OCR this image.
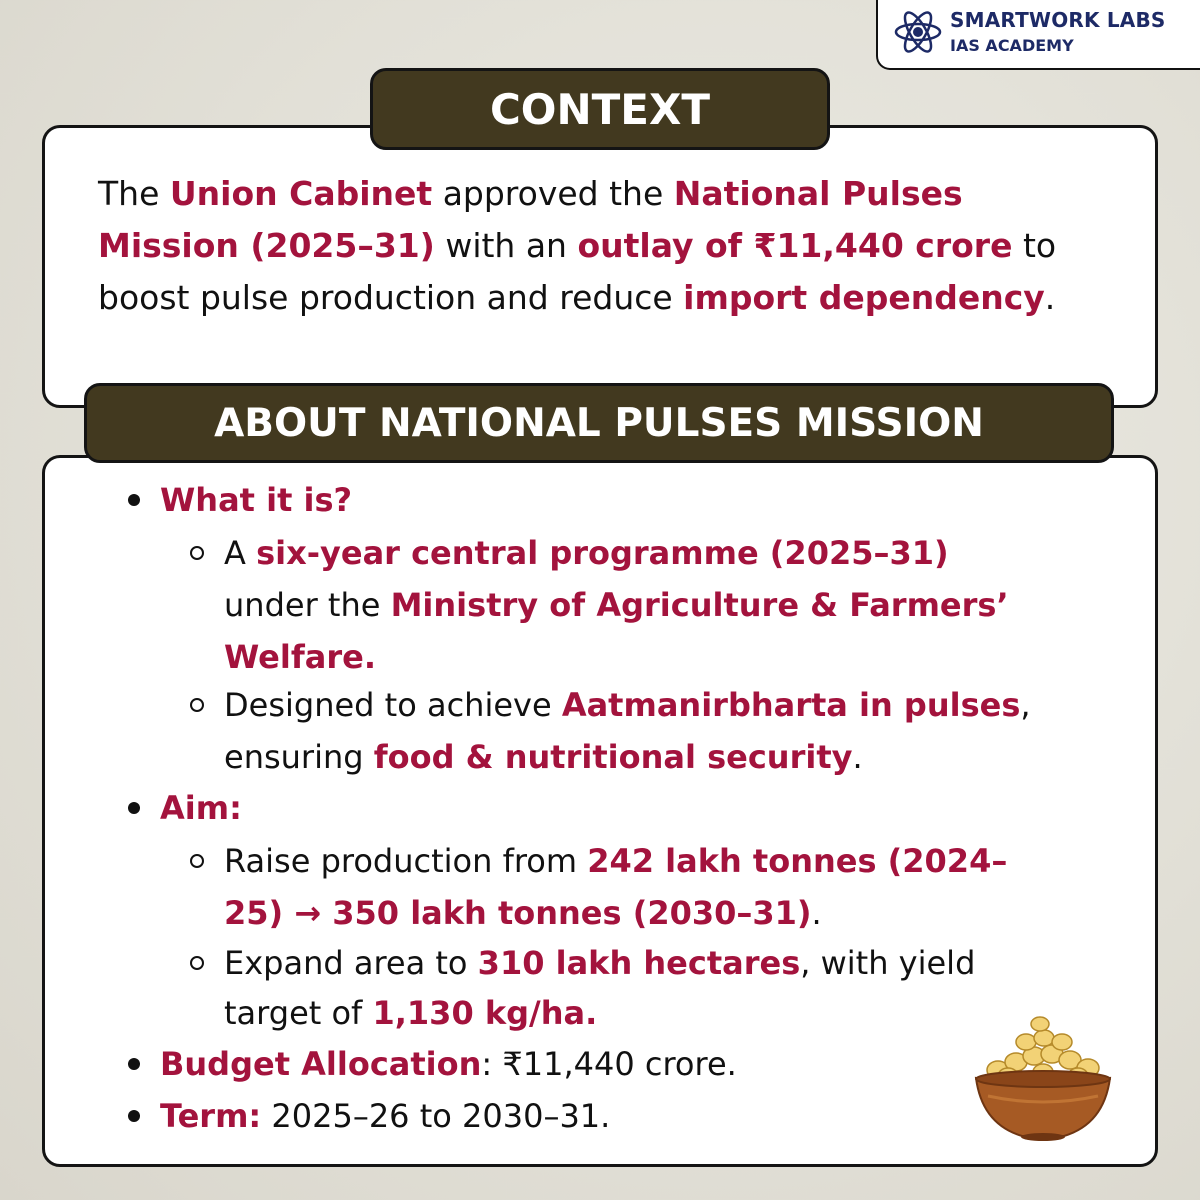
SMARTWORK LABS
IAS ACADEMY
CONTEXT
The Union Cabinet approved the National Pulses Mission (2025–31) with an outlay of ₹11,440 crore to boost pulse production and reduce import dependency.
ABOUT NATIONAL PULSES MISSION
What it is?
A six-year central programme (2025–31)
under the Ministry of Agriculture & Farmers’
Welfare.
Designed to achieve Aatmanirbharta in pulses,
ensuring food & nutritional security.
Aim:
Raise production from 242 lakh tonnes (2024–
25) → 350 lakh tonnes (2030–31).
Expand area to 310 lakh hectares, with yield
target of 1,130 kg/ha.
Budget Allocation: ₹11,440 crore.
Term: 2025–26 to 2030–31.
